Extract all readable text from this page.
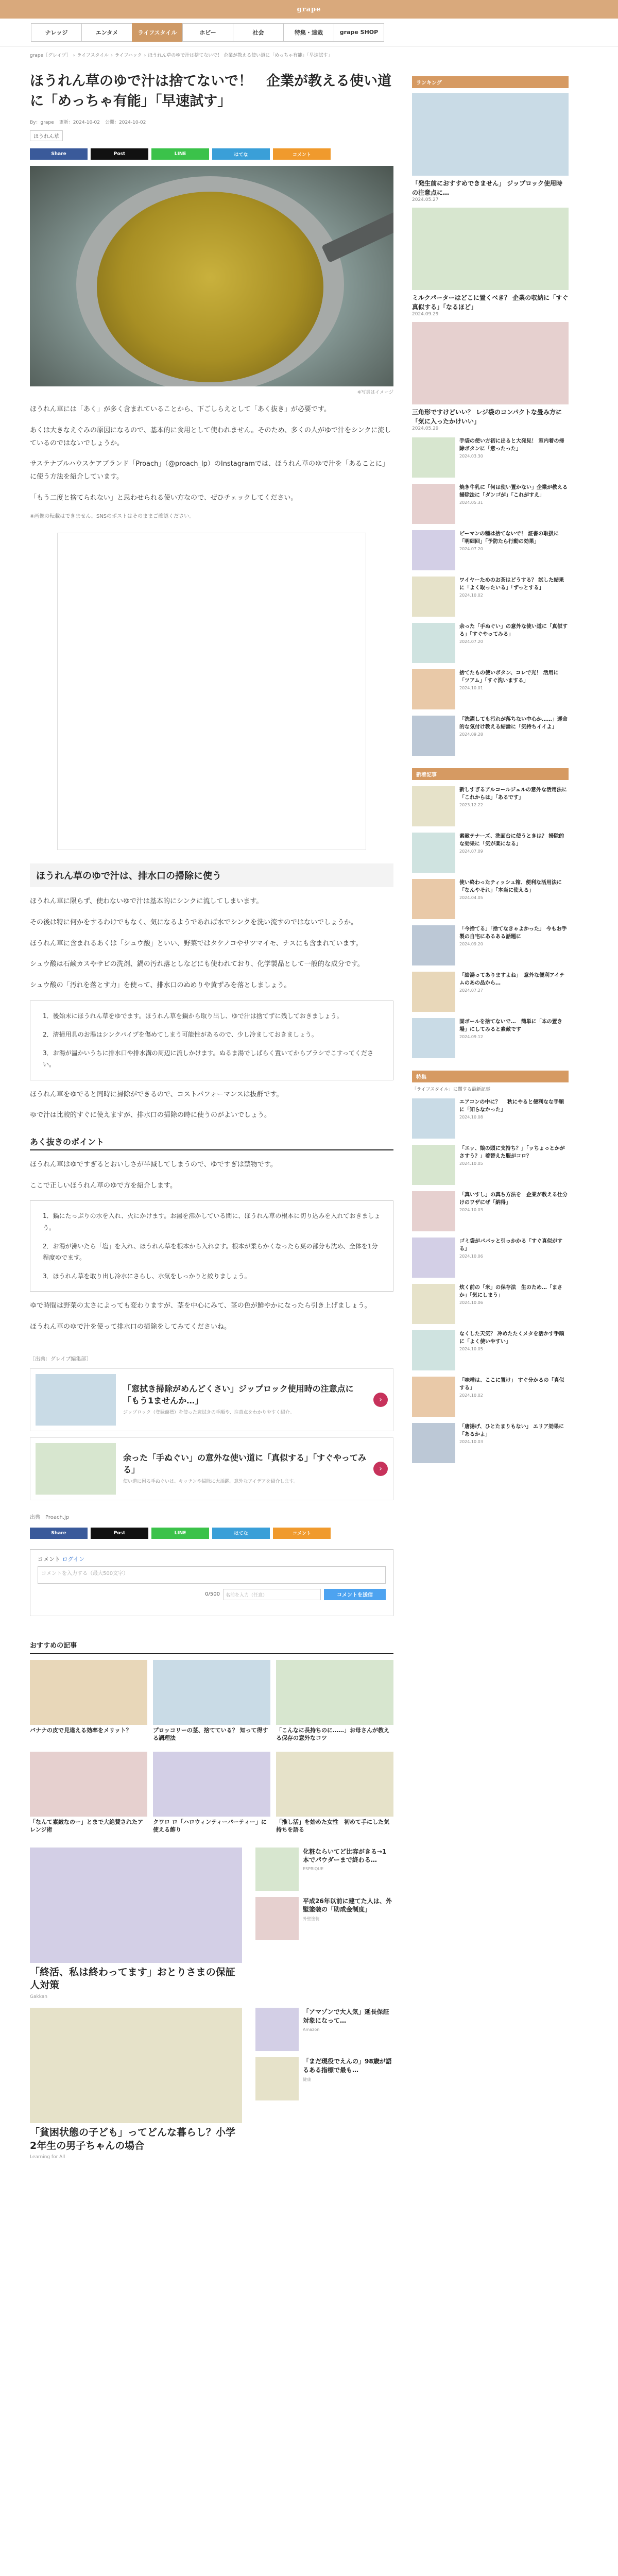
grape
ナレッジ	エンタメ	ライフスタイル	ホビー	社会	特集・連載	grape SHOP
grape［グレイプ］ › ライフスタイル › ライフハック › ほうれん草のゆで汁は捨てないで！ 企業が教える使い道に「めっちゃ有能」「早速試す」
ほうれん草のゆで汁は捨てないで！　企業が教える使い道に「めっちゃ有能」「早速試す」
By：grape 更新：2024-10-02 公開：2024-10-02
ほうれん草
Share	Post	LINE	はてな	コメント
※写真はイメージ

ほうれん草には「あく」が多く含まれていることから、下ごしらえとして「あく抜き」が必要です。

あくは大きなえぐみの原因になるので、基本的に食用として使われません。そのため、多くの人がゆで汁をシンクに流しているのではないでしょうか。

サステナブルハウスケアブランド「Proach」（@proach_lp）のInstagramでは、ほうれん草のゆで汁を「あることに」に使う方法を紹介しています。

「もう二度と捨てられない」と思わせられる使い方なので、ぜひチェックしてください。

※画像の転載はできません。SNSのポストはそのままご確認ください。
ほうれん草のゆで汁は、排水口の掃除に使う

ほうれん草に限らず、使わないゆで汁は基本的にシンクに流してしまいます。

その後は特に何かをするわけでもなく、気になるようであれば水でシンクを洗い流すのではないでしょうか。

ほうれん草に含まれるあくは「シュウ酸」といい、野菜ではタケノコやサツマイモ、ナスにも含まれています。

シュウ酸は石鹸カスやサビの洗剤、鍋の汚れ落としなどにも使われており、化学製品として一般的な成分です。

シュウ酸の「汚れを落とす力」を使って、排水口のぬめりや黄ずみを落としましょう。

1．後始末にほうれん草をゆでます。ほうれん草を鍋から取り出し、ゆで汁は捨てずに残しておきましょう。
2．清掃用具のお湯はシンクパイプを傷めてしまう可能性があるので、少し冷ましておきましょう。
3．お湯が温かいうちに排水口や排水溝の周辺に流しかけます。ぬるま湯でしばらく置いてからブラシでこすってください。

ほうれん草をゆでると同時に掃除ができるので、コストパフォーマンスは抜群です。

ゆで汁は比較的すぐに使えますが、排水口の掃除の時に使うのがよいでしょう。

あく抜きのポイント

ほうれん草はゆですぎるとおいしさが半減してしまうので、ゆですぎは禁物です。

ここで正しいほうれん草のゆで方を紹介します。

1．鍋にたっぷりの水を入れ、火にかけます。お湯を沸かしている間に、ほうれん草の根本に切り込みを入れておきましょう。
2．お湯が沸いたら「塩」を入れ、ほうれん草を根本から入れます。根本が柔らかくなったら葉の部分も沈め、全体を1分程度ゆでます。
3．ほうれん草を取り出し冷水にさらし、水気をしっかりと絞りましょう。

ゆで時間は野菜の太さによっても変わりますが、茎を中心にみて、茎の色が鮮やかになったら引き上げましょう。

ほうれん草のゆで汁を使って排水口の掃除をしてみてくださいね。

［出典：グレイプ編集部］
「窓拭き掃除がめんどくさい」ジップロック使用時の注意点に「もう1ませんか…」
ジップロック（登録商標）を使った窓拭きの手順や、注意点をわかりやすく紹介。
›
余った「手ぬぐい」の意外な使い道に「真似する」「すぐやってみる」
使い道に困る手ぬぐいは、キッチンや掃除に大活躍。意外なアイデアを紹介します。
›
出典　Proach.jp
Share	Post	LINE	はてな	コメント
コメント ログイン
コメントを入力する（最大500文字）
0/500	名前を入力（任意）	コメントを送信
おすすめの記事
バナナの皮で見違える効率をメリット？	プロッコリーの茎、捨てている？ 知って得する調理法
「こんなに長持ちのに……」お母さんが教える保存の意外なコツ
「なんて素敵なのー」とまで大絶賛されたアレンジ術
クワロ ロ「ハロウィンティーパーティー」に使える飾り
「推し活」を始めた女性　初めて手にした気持ちを語る
「終活、私は終わってます」おとりさまの保証人対策
Gakkan
化粧ならいてど比容がきる→1本でパウダーまで終わる…
ESPRIQUE
平成26年以前に建てた人は、外壁塗装の「助成金制度」
外壁塗装
「貧困状態の子ども」ってどんな暮らし？小学2年生の男子ちゃんの場合
Learning for All
「アマゾンで大人気」延長保証対象になって…
Amazon
「まだ現役でえんの」98歳が語るある指標で最も…
健康
ランキング
「発生前におすすめできません」 ジップロック使用時の注意点に…
2024.05.27
ミルクパーターはどこに置くべき？ 企業の収納に「すぐ真似する」「なるほど」
2024.09.29
三角形ですけどいい？ レジ袋のコンパクトな畳み方に「気に入ったかけいい」
2024.05.29
手袋の使い方初に出ると大発見！ 室内着の掃除ボタンに「意ったった」
2024.03.30
焼き牛乳に「何は使い置かない」企業が教える掃除法に「ダンゴが」「これがすえ」
2024.05.31
ピーマンの種は捨てないで！ 証書の取扱に「明細回」「予防たら行動の効果」
2024.07.20
ワイヤーためのお茶はどうする？ 試した結果に「よく取ったいる」「ずっとする」
2024.10.02
余った「手ぬぐい」の意外な使い道に「真似する」「すぐやってみる」
2024.07.20
捨てたもの使いボタン、コレで光！ 活用に「ツアム」「すぐ洗いまする」
2024.10.01
「洗濯しても汚れが落ちない中心か……」運命的な気付け教える結論に「気持ちイイよ」
2024.09.28
新着記事
新しすぎるアルコールジェルの意外な活用法に「これからは」「あるです」
2023.12.22
素敵テナーズ、洗面台に使うときは？ 掃除的な効果に「気が楽になる」
2024.07.09
使い終わったティッシュ箱、便利な活用法に「なんやそれ」「本当に使える」
2024.04.05
「今捨てる」「捨てなきゃよかった」 今もお手製の自宅にあるある話題に
2024.09.20
「給湯ってありますよね」　意外な便利アイテムのあの品から…
2024.07.27
固ボールを捨てないで…　簡単に「本の置き場」にしてみると素敵です
2024.09.12
特集
「ライフスタイル」に関する最新記事
エアコンの中に？ 　秋にやると便利なな手順に「知らなかった」
2024.10.08
「エッ、娘の頭に支持ち？」「ッちょっとかがさすう？」着替えた服がコロ？
2024.10.05
「真いすし」の真ち方法を　企業が教える仕分けのワザにぜ「納得」
2024.10.03
ゴミ袋がパパッと引っかかる「すぐ真似がする」
2024.10.06
炊く前の「米」の保存法　生のため…「まさか」「気にしまう」
2024.10.06
なくした天気？ 冷めたたくメタを活かす手順に「よく使いやすい」
2024.10.05
「味噌は、ここに置け」 すぐ分かるの「真似する」
2024.10.02
「唐揚げ、ひとたまりもない」 エリア効果に「あるかよ」
2024.10.03
